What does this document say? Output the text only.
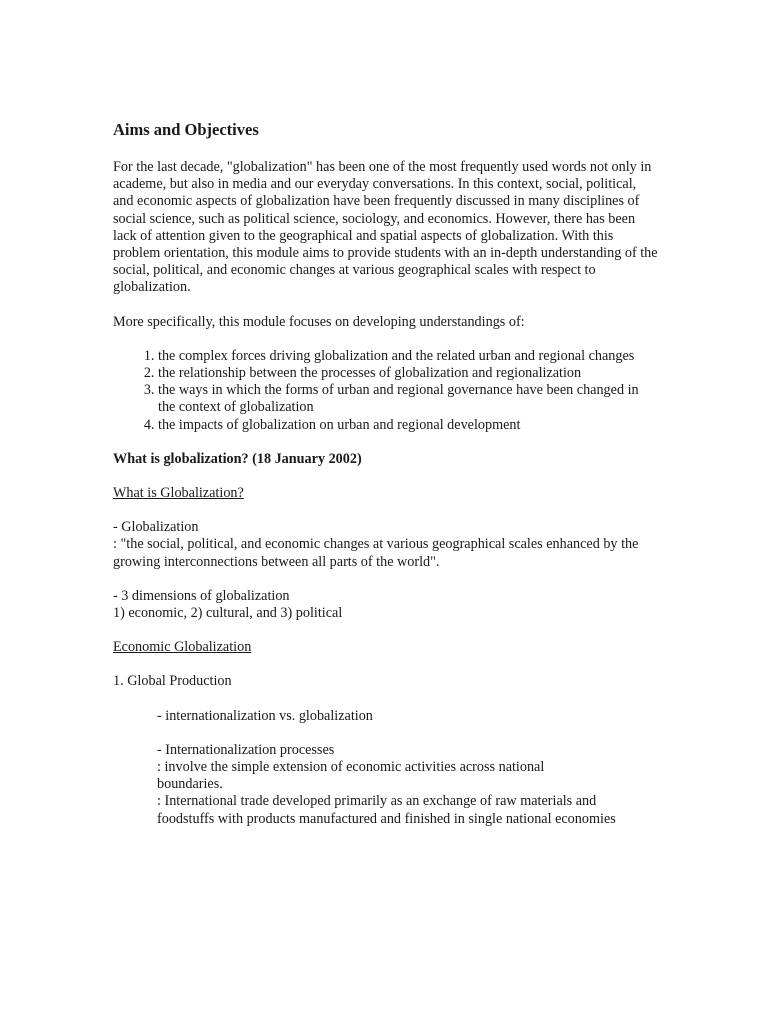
Aims and Objectives

For the last decade, "globalization" has been one of the most frequently used words not only in academe, but also in media and our everyday conversations. In this context, social, political, and economic aspects of globalization have been frequently discussed in many disciplines of social science, such as political science, sociology, and economics. However, there has been lack of attention given to the geographical and spatial aspects of globalization. With this problem orientation, this module aims to provide students with an in-depth understanding of the social, political, and economic changes at various geographical scales with respect to globalization.

More specifically, this module focuses on developing understandings of:

1. the complex forces driving globalization and the related urban and regional changes
2. the relationship between the processes of globalization and regionalization
3. the ways in which the forms of urban and regional governance have been changed in the context of globalization
4. the impacts of globalization on urban and regional development

What is globalization? (18 January 2002)

What is Globalization?

- Globalization

: "the social, political, and economic changes at various geographical scales enhanced by the growing interconnections between all parts of the world".

- 3 dimensions of globalization

1) economic, 2) cultural, and 3) political

Economic Globalization

1. Global Production

- internationalization vs. globalization

- Internationalization processes

: involve the simple extension of economic activities across national boundaries.

: International trade developed primarily as an exchange of raw materials and foodstuffs with products manufactured and finished in single national economies
